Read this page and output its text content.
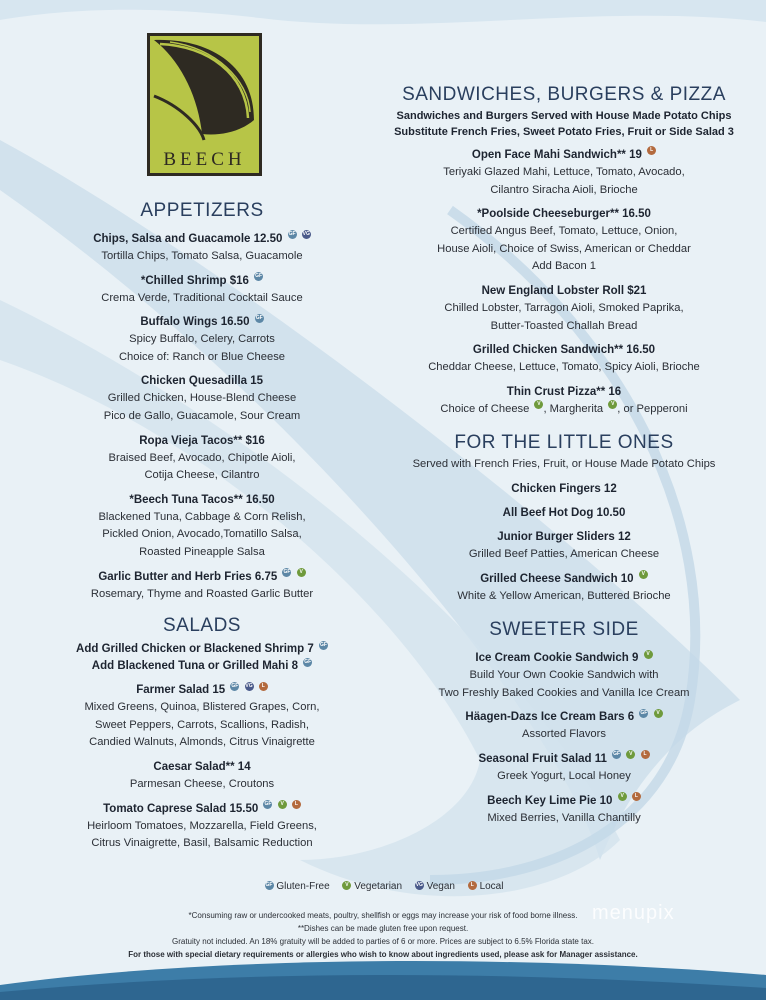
BEECH
APPETIZERS
Chips, Salsa and Guacamole 12.50 GF VG
Tortilla Chips, Tomato Salsa, Guacamole
*Chilled Shrimp $16 GF
Crema Verde, Traditional Cocktail Sauce
Buffalo Wings 16.50 GF
Spicy Buffalo, Celery, Carrots
Choice of: Ranch or Blue Cheese
Chicken Quesadilla 15
Grilled Chicken, House-Blend Cheese
Pico de Gallo, Guacamole, Sour Cream
Ropa Vieja Tacos** $16
Braised Beef, Avocado, Chipotle Aioli,
Cotija Cheese, Cilantro
*Beech Tuna Tacos** 16.50
Blackened Tuna, Cabbage & Corn Relish,
Pickled Onion, Avocado,Tomatillo Salsa,
Roasted Pineapple Salsa
Garlic Butter and Herb Fries 6.75 GF V
Rosemary, Thyme and Roasted Garlic Butter
SALADS
Add Grilled Chicken or Blackened Shrimp 7 GF
Add Blackened Tuna or Grilled Mahi 8 GF
Farmer Salad 15 GF VG L
Mixed Greens, Quinoa, Blistered Grapes, Corn,
Sweet Peppers, Carrots, Scallions, Radish,
Candied Walnuts, Almonds, Citrus Vinaigrette
Caesar Salad** 14
Parmesan Cheese, Croutons
Tomato Caprese Salad 15.50 GF V L
Heirloom Tomatoes, Mozzarella, Field Greens,
Citrus Vinaigrette, Basil, Balsamic Reduction
SANDWICHES, BURGERS & PIZZA
Sandwiches and Burgers Served with House Made Potato Chips
Substitute French Fries, Sweet Potato Fries, Fruit or Side Salad 3
Open Face Mahi Sandwich** 19 L
Teriyaki Glazed Mahi, Lettuce, Tomato, Avocado,
Cilantro Siracha Aioli, Brioche
*Poolside Cheeseburger** 16.50
Certified Angus Beef, Tomato, Lettuce, Onion,
House Aioli, Choice of Swiss, American or Cheddar
Add Bacon 1
New England Lobster Roll $21
Chilled Lobster, Tarragon Aioli, Smoked Paprika,
Butter-Toasted Challah Bread
Grilled Chicken Sandwich** 16.50
Cheddar Cheese, Lettuce, Tomato, Spicy Aioli, Brioche
Thin Crust Pizza** 16
Choice of Cheese V , Margherita V , or Pepperoni
FOR THE LITTLE ONES
Served with French Fries, Fruit, or House Made Potato Chips
Chicken Fingers 12
All Beef Hot Dog 10.50
Junior Burger Sliders 12
Grilled Beef Patties, American Cheese
Grilled Cheese Sandwich 10 V
White & Yellow American, Buttered Brioche
SWEETER SIDE
Ice Cream Cookie Sandwich 9 V
Build Your Own Cookie Sandwich with
Two Freshly Baked Cookies and Vanilla Ice Cream
Häagen-Dazs Ice Cream Bars 6 GF V
Assorted Flavors
Seasonal Fruit Salad 11 GF V L
Greek Yogurt, Local Honey
Beech Key Lime Pie 10 V L
Mixed Berries, Vanilla Chantilly
GF Gluten-Free	V Vegetarian	VG Vegan	L Local
*Consuming raw or undercooked meats, poultry, shellfish or eggs may increase your risk of food borne illness.
**Dishes can be made gluten free upon request.
Gratuity not included. An 18% gratuity will be added to parties of 6 or more. Prices are subject to 6.5% Florida state tax.
For those with special dietary requirements or allergies who wish to know about ingredients used, please ask for Manager assistance.
menupix
